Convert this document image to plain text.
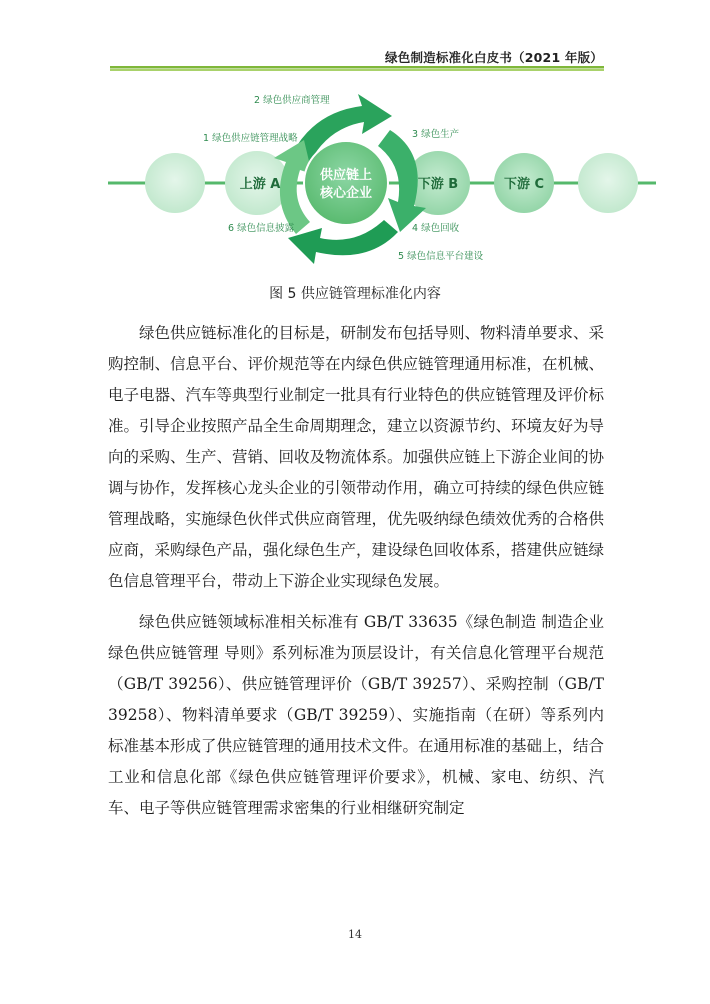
绿色制造标准化白皮书（2021 年版）
上游 A
供应链上
核心企业
下游 B	下游 C
1 绿色供应链管理战略
2 绿色供应商管理
3 绿色生产
4 绿色回收
5 绿色信息平台建设
6 绿色信息披露
图 5 供应链管理标准化内容

绿色供应链标准化的目标是，研制发布包括导则、物料清单要求、采购控制、信息平台、评价规范等在内绿色供应链管理通用标准，在机械、电子电器、汽车等典型行业制定一批具有行业特色的供应链管理及评价标准。引导企业按照产品全生命周期理念，建立以资源节约、环境友好为导向的采购、生产、营销、回收及物流体系。加强供应链上下游企业间的协调与协作，发挥核心龙头企业的引领带动作用，确立可持续的绿色供应链管理战略，实施绿色伙伴式供应商管理，优先吸纳绿色绩效优秀的合格供应商，采购绿色产品，强化绿色生产，建设绿色回收体系，搭建供应链绿色信息管理平台，带动上下游企业实现绿色发展。

绿色供应链领域标准相关标准有 GB/T 33635《绿色制造 制造企业绿色供应链管理 导则》系列标准为顶层设计，有关信息化管理平台规范（GB/T 39256）、供应链管理评价（GB/T 39257）、采购控制（GB/T 39258）、物料清单要求（GB/T 39259）、实施指南（在研）等系列内标准基本形成了供应链管理的通用技术文件。在通用标准的基础上，结合工业和信息化部《绿色供应链管理评价要求》，机械、家电、纺织、汽车、电子等供应链管理需求密集的行业相继研究制定

14
